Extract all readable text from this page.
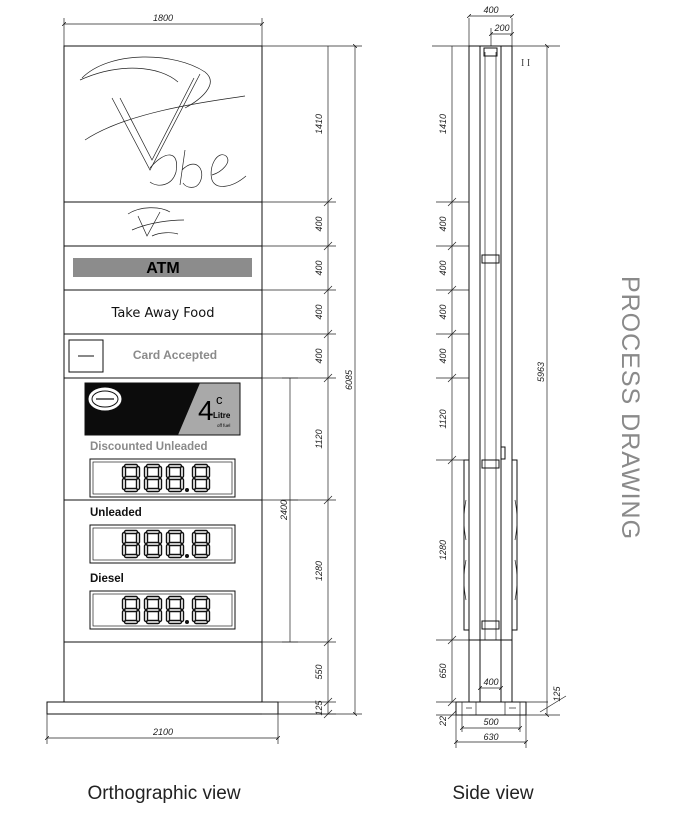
1800
ATM
Take Away Food
Card Accepted
4 c
Litre
off fuel
Discounted Unleaded
Unleaded
Diesel
2100
1410
400
400
400
400
1120
1280
550
125
2400
6085
Orthographic view
400
200
I I
1410
400
400
400
400
1120
1280
650
22
5963
125
400
500
630
Side view
PROCESS DRAWING
